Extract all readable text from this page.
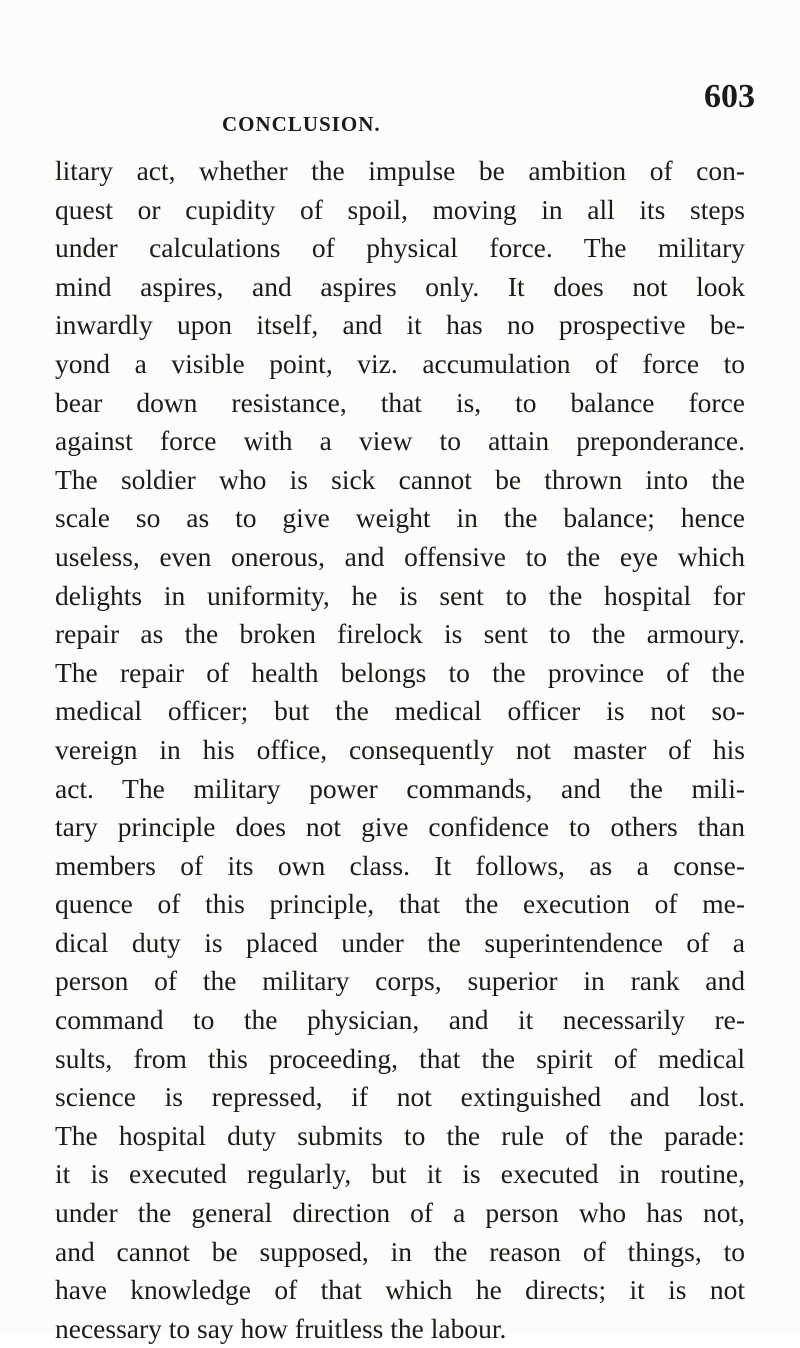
CONCLUSION.
603
litary act, whether the impulse be ambition of con-
quest or cupidity of spoil, moving in all its steps
under calculations of physical force. The military
mind aspires, and aspires only. It does not look
inwardly upon itself, and it has no prospective be-
yond a visible point, viz. accumulation of force to
bear down resistance, that is, to balance force
against force with a view to attain preponderance.
The soldier who is sick cannot be thrown into the
scale so as to give weight in the balance; hence
useless, even onerous, and offensive to the eye which
delights in uniformity, he is sent to the hospital for
repair as the broken firelock is sent to the armoury.
The repair of health belongs to the province of the
medical officer; but the medical officer is not so-
vereign in his office, consequently not master of his
act. The military power commands, and the mili-
tary principle does not give confidence to others than
members of its own class. It follows, as a conse-
quence of this principle, that the execution of me-
dical duty is placed under the superintendence of a
person of the military corps, superior in rank and
command to the physician, and it necessarily re-
sults, from this proceeding, that the spirit of medical
science is repressed, if not extinguished and lost.
The hospital duty submits to the rule of the parade:
it is executed regularly, but it is executed in routine,
under the general direction of a person who has not,
and cannot be supposed, in the reason of things, to
have knowledge of that which he directs; it is not
necessary to say how fruitless the labour.
